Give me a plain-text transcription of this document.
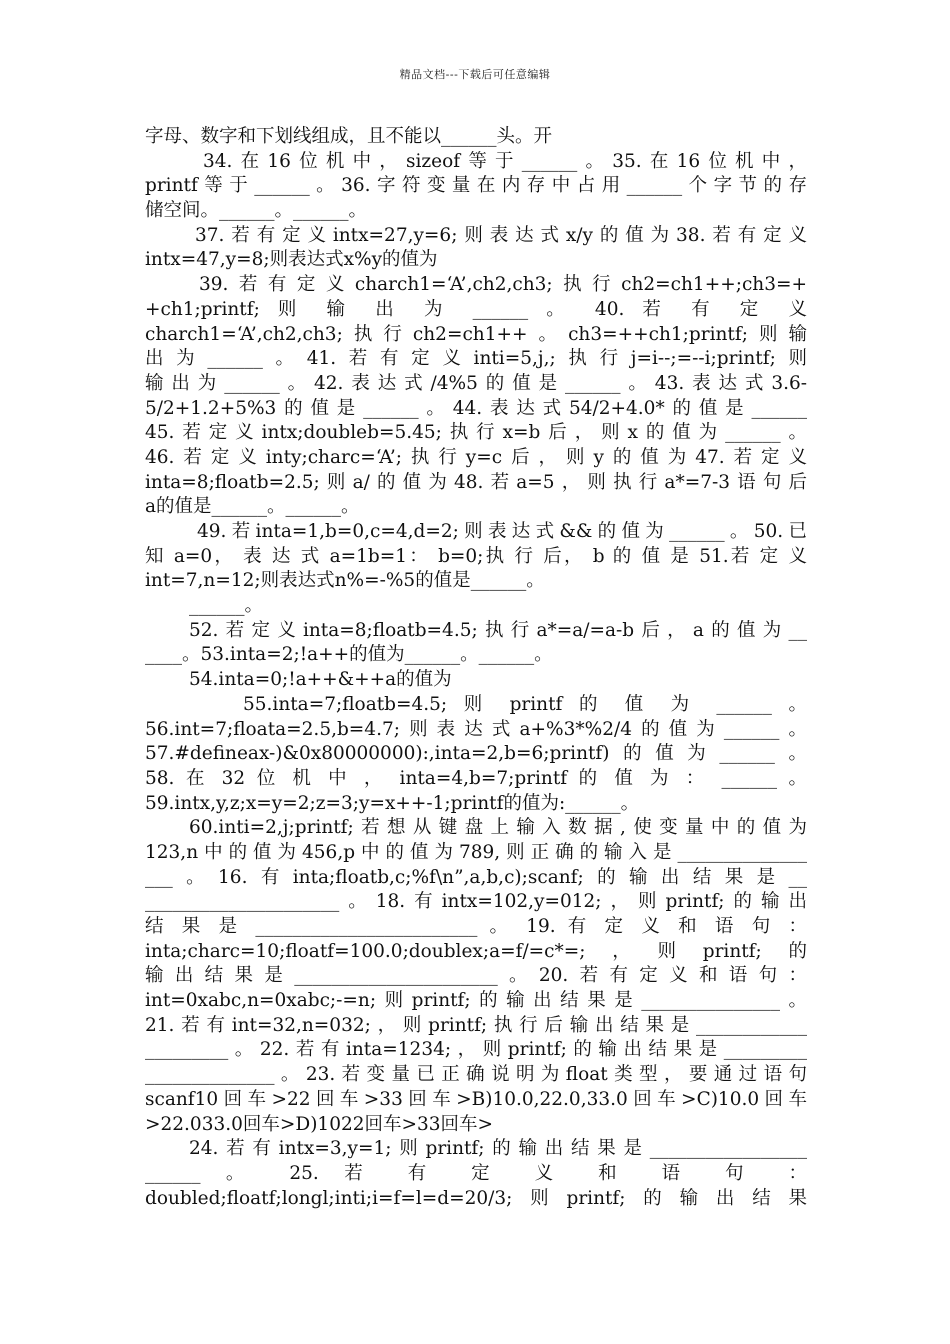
精品文档---下载后可任意编辑
字母、数字和下划线组成，且不能以______头。开
34.在16位机中，sizeof等于______。35.在16位机中，
printf等于______。36.字符变量在内存中占用______个字节的存
储空间。______。______。
37.若有定义intx=27,y=6;则表达式x/y的值为38.若有定义
intx=47,y=8;则表达式x%y的值为
39.若有定义charch1=‘A’,ch2,ch3;执行ch2=ch1++;ch3=+
+ch1;printf; 则 输 出 为 ______ 。 40. 若 有 定 义
charch1=‘A’,ch2,ch3;执行ch2=ch1++。ch3=++ch1;printf;则输
出为______。41.若有定义inti=5,j,;执行j=i--;=--i;printf;则
输出为______。42.表达式/4%5的值是______。43.表达式3.6-
5/2+1.2+5%3的值是______。44.表达式54/2+4.0*的值是______
45.若定义intx;doubleb=5.45;执行x=b后，则x的值为______。
46.若定义inty;charc=‘A’;执行y=c后，则y的值为47.若定义
inta=8;floatb=2.5;则a/的值为48.若a=5，则执行a*=7-3语句后
a的值是______。______。
49.若inta=1,b=0,c=4,d=2;则表达式&&的值为______。50.已
知 a=0， 表 达 式 a=1b=1： b=0;执 行 后， b 的 值 是 51.若 定 义
int=7,n=12;则表达式n%=-%5的值是______。
______。
52.若定义inta=8;floatb=4.5;执行a*=a/=a-b后，a的值为__
____。53.inta=2;!a++的值为______。______。
54.inta=0;!a++&++a的值为
55.inta=7;floatb=4.5; 则 printf 的 值 为 ______ 。
56.int=7;floata=2.5,b=4.7;则表达式a+%3*%2/4的值为______。
57.#defineax-)&0x80000000):,inta=2,b=6;printf)的值为______。
58. 在 32 位 机 中 ， inta=4,b=7;printf 的 值 为 ： ______ 。
59.intx,y,z;x=y=2;z=3;y=x++-1;printf的值为:______。
60.inti=2,j;printf;若想从键盘上输入数据,使变量中的值为
123,n中的值为456,p中的值为789,则正确的输入是______________
___。16.有inta;floatb,c;%f\n”,a,b,c);scanf;的输出结果是__
_____________________。18.有intx=102,y=012;，则printf;的输出
结 果 是 ________________________ 。 19. 有 定 义 和 语 句 ：
inta;charc=10;floatf=100.0;doublex;a=f/=c*=;，则printf;的
输出结果是______________________。20.若有定义和语句：
int=0xabc,n=0xabc;-=n;则printf;的输出结果是_______________。
21.若有int=32,n=032;，则printf;执行后输出结果是____________
_________。22.若有inta=1234;，则printf;的输出结果是_________
______________。23.若变量已正确说明为float类型，要通过语句
scanf10回车>22回车>33回车>B)10.0,22.0,33.0回车>C)10.0回车
>22.033.0回车>D)1022回车>33回车>
24.若有intx=3,y=1;则printf;的输出结果是_________________
______ 。 25. 若 有 定 义 和 语 句 ：
doubled;floatf;longl;inti;i=f=l=d=20/3;则printf;的输出结果
